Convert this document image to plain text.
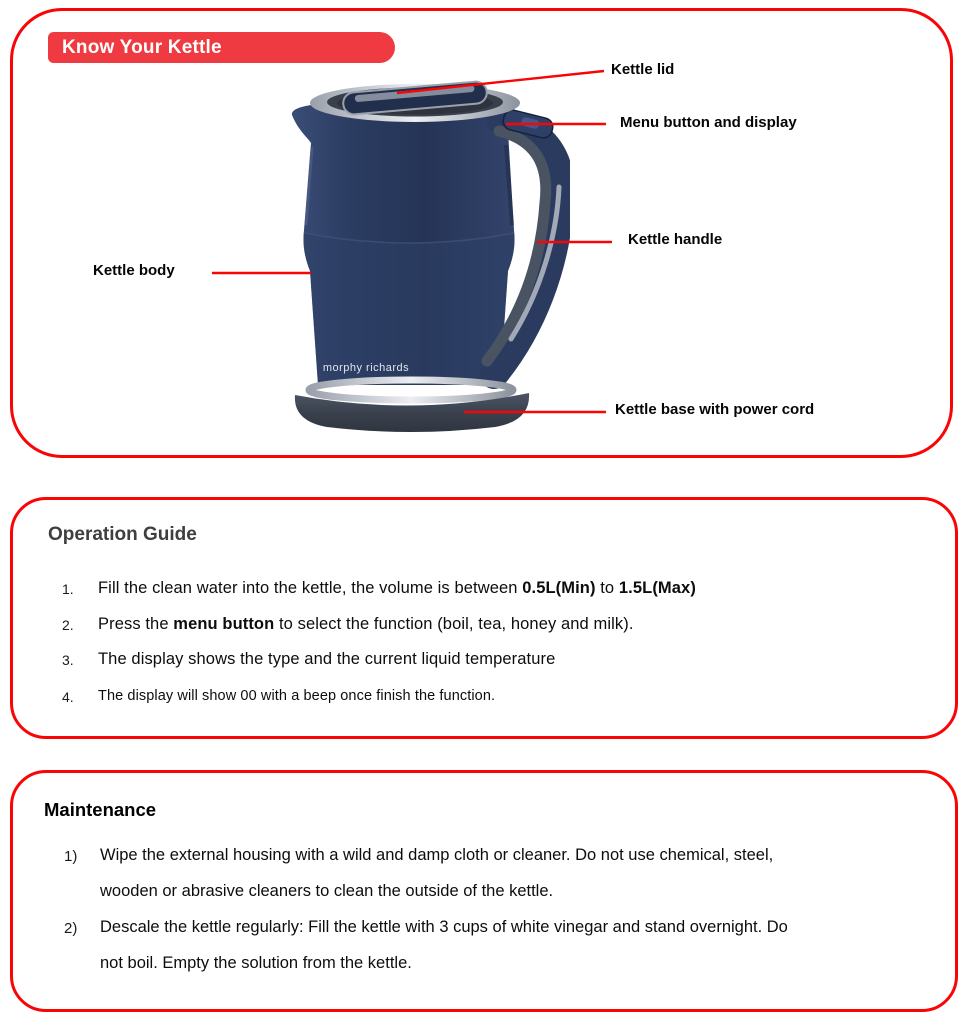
Know Your Kettle
morphy richards
Kettle lid
Menu button and display
Kettle handle
Kettle body
Kettle base with power cord
Operation Guide
1.	Fill the clean water into the kettle, the volume is between 0.5L(Min) to 1.5L(Max)
2.	Press the menu button to select the function (boil, tea, honey and milk).
3.	The display shows the type and the current liquid temperature
4.	The display will show 00 with a beep once finish the function.
Maintenance
1)	Wipe the external housing with a wild and damp cloth or cleaner. Do not use chemical, steel,
wooden or abrasive cleaners to clean the outside of the kettle.
2)	Descale the kettle regularly: Fill the kettle with 3 cups of white vinegar and stand overnight. Do
not boil. Empty the solution from the kettle.
